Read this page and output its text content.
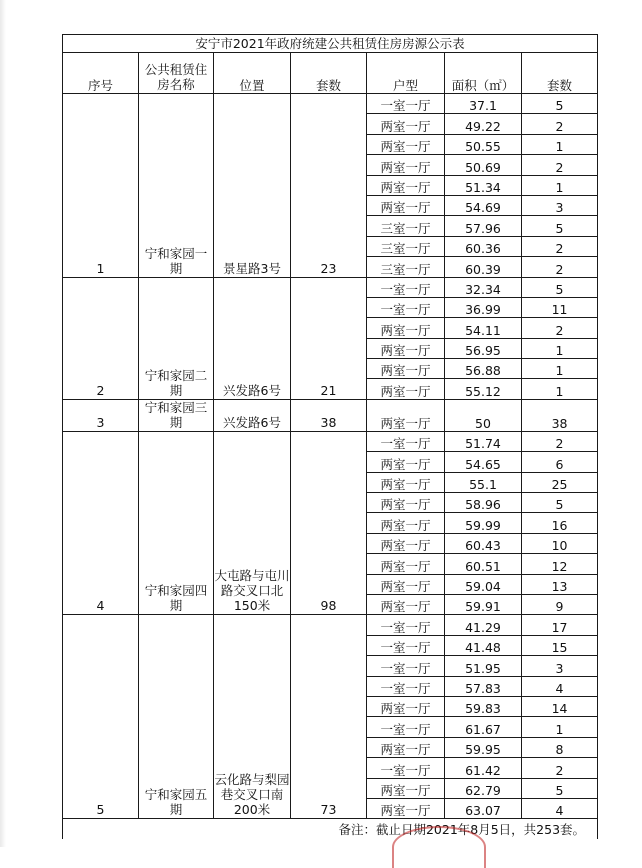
安宁市2021年政府统建公共租赁住房房源公示表						
序号	公共租赁住房名称	位置	套数	户型	面积（㎡）	套数
1	宁和家园一期	景星路3号	23	一室一厅	37.1	5
				两室一厅	49.22	2
				两室一厅	50.55	1
				两室一厅	50.69	2
				两室一厅	51.34	1
				两室一厅	54.69	3
				三室一厅	57.96	5
				三室一厅	60.36	2
				三室一厅	60.39	2
2	宁和家园二期	兴发路6号	21	一室一厅	32.34	5
				一室一厅	36.99	11
				两室一厅	54.11	2
				两室一厅	56.95	1
				两室一厅	56.88	1
				两室一厅	55.12	1
3	宁和家园三期	兴发路6号	38	两室一厅	50	38
4	宁和家园四期	大屯路与屯川路交叉口北150米	98	一室一厅	51.74	2
				两室一厅	54.65	6
				两室一厅	55.1	25
				两室一厅	58.96	5
				两室一厅	59.99	16
				两室一厅	60.43	10
				两室一厅	60.51	12
				两室一厅	59.04	13
				两室一厅	59.91	9
5	宁和家园五期	云化路与梨园巷交叉口南200米	73	一室一厅	41.29	17
				一室一厅	41.48	15
				一室一厅	51.95	3
				一室一厅	57.83	4
				两室一厅	59.83	14
				一室一厅	61.67	1
				两室一厅	59.95	8
				一室一厅	61.42	2
				两室一厅	62.79	5
				两室一厅	63.07	4
备注：截止日期2021年8月5日，共253套。						
